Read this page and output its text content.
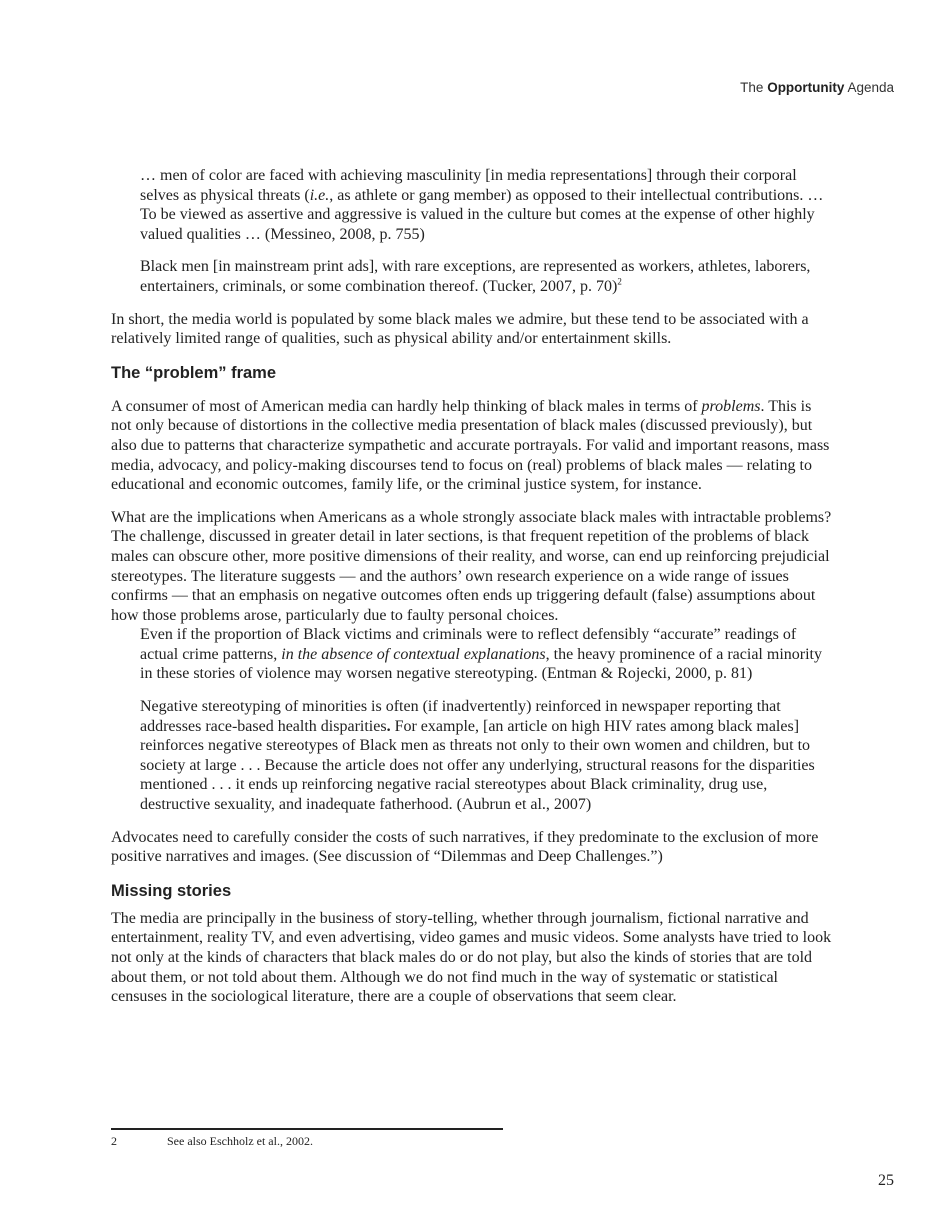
The Opportunity Agenda

… men of color are faced with achieving masculinity [in media representations] through their corporal selves as physical threats (i.e., as athlete or gang member) as opposed to their intellectual contributions. … To be viewed as assertive and aggressive is valued in the culture but comes at the expense of other highly valued qualities … (Messineo, 2008, p. 755)

Black men [in mainstream print ads], with rare exceptions, are represented as workers, athletes, laborers, entertainers, criminals, or some combination thereof. (Tucker, 2007, p. 70)$^2$

In short, the media world is populated by some black males we admire, but these tend to be associated with a relatively limited range of qualities, such as physical ability and/or entertainment skills.

The “problem” frame

A consumer of most of American media can hardly help thinking of black males in terms of problems. This is not only because of distortions in the collective media presentation of black males (discussed previously), but also due to patterns that characterize sympathetic and accurate portrayals. For valid and important reasons, mass media, advocacy, and policy-making discourses tend to focus on (real) problems of black males — relating to educational and economic outcomes, family life, or the criminal justice system, for instance.

What are the implications when Americans as a whole strongly associate black males with intractable problems? The challenge, discussed in greater detail in later sections, is that frequent repetition of the problems of black males can obscure other, more positive dimensions of their reality, and worse, can end up reinforcing prejudicial stereotypes. The literature suggests — and the authors’ own research experience on a wide range of issues confirms — that an emphasis on negative outcomes often ends up triggering default (false) assumptions about how those problems arose, particularly due to faulty personal choices.

Even if the proportion of Black victims and criminals were to reflect defensibly “accurate” readings of actual crime patterns, in the absence of contextual explanations, the heavy prominence of a racial minority in these stories of violence may worsen negative stereotyping. (Entman & Rojecki, 2000, p. 81)

Negative stereotyping of minorities is often (if inadvertently) reinforced in newspaper reporting that addresses race-based health disparities. For example, [an article on high HIV rates among black males] reinforces negative stereotypes of Black men as threats not only to their own women and children, but to society at large . . . Because the article does not offer any underlying, structural reasons for the disparities mentioned . . . it ends up reinforcing negative racial stereotypes about Black criminality, drug use, destructive sexuality, and inadequate fatherhood. (Aubrun et al., 2007)

Advocates need to carefully consider the costs of such narratives, if they predominate to the exclusion of more positive narratives and images. (See discussion of “Dilemmas and Deep Challenges.”)

Missing stories

The media are principally in the business of story-telling, whether through journalism, fictional narrative and entertainment, reality TV, and even advertising, video games and music videos. Some analysts have tried to look not only at the kinds of characters that black males do or do not play, but also the kinds of stories that are told about them, or not told about them. Although we do not find much in the way of systematic or statistical censuses in the sociological literature, there are a couple of observations that seem clear.

2	See also Eschholz et al., 2002.
25
